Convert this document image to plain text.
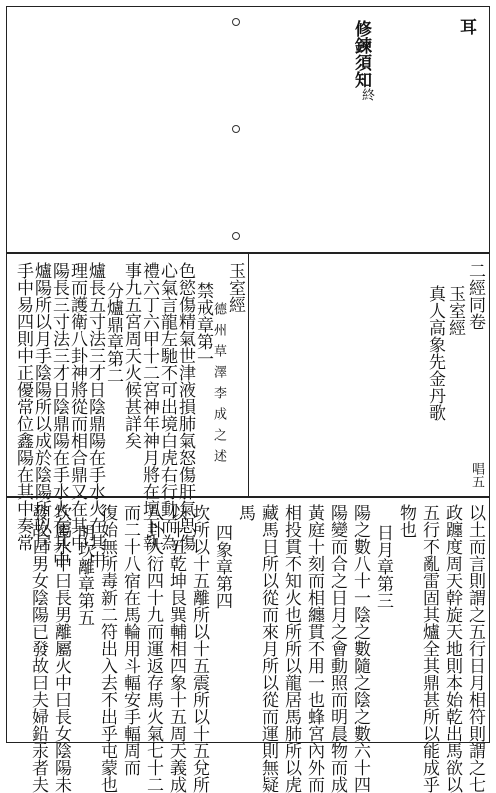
耳
修鍊須知
終
二經同卷
玉室經
真人高象先金丹歌
唱五
玉室經
德州草澤李成之述
禁戒章第一
色慾傷精氣世津液損肺氣怒傷肝氣思傷
心氣言龍左馳不可出境白虎右行動而為
禮六丁六甲十二宮神年神月將在壇下執
事九五宮周天火候甚詳矣
分爐鼎章第二
爐長五寸法三才日陰鼎陽在手水火在其中
理而護衛八卦神將從而相合鼎又在其中
陽長三寸法三才日陰鼎陽在手水火在其中
爐陽所以月手陰陽所以成於陰陽所以居
手中易四則中正優常位鑫陽在其中奏常
以土而言則謂之五行日月相符則謂之七
政躔度周天幹旋天地則本始乾出馬欲以
五行不亂雷固其爐全其鼎甚所以能成乎
物也
日月章第三
陽之數八十一陰之數隨之陰之數六十四
陽變而合之日月之會動照而明晨物而成
黃庭十刻而相纏貫不用一也蜂宮內外而
相投貫不知火也所所以龍居馬肺所以虎
藏馬日所以從而來月所以從而運則無疑
馬
四象章第四
坎所以十五離所以十五震所以十五兌所
以十五乾坤艮巽輔相四象十五周天義成
八卦大衍四十九而運返存馬火氣七十二
而二十八宿在馬輪用斗輻安手輻周而
復始無所毒新二符出入去不出乎屯蒙也
明坎離章第五
坎屬水中曰長男離屬火中曰長女陰陽未
發故曰男女陰陽已發故曰夫婦鉛汞者夫
